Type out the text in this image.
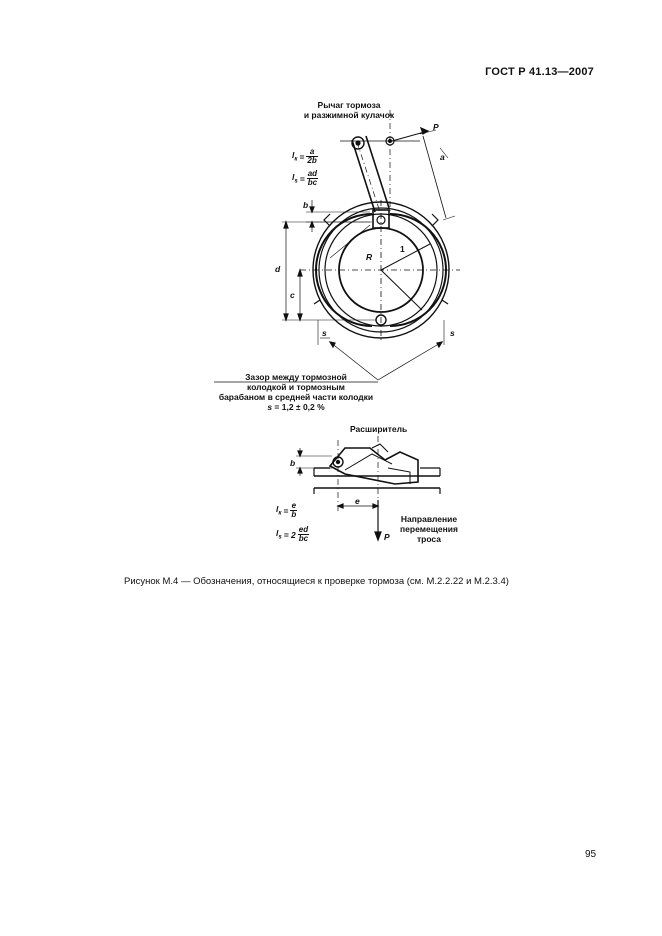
ГОСТ Р 41.13—2007
Рычаг тормоза
и разжимной кулачок
$l_к = \frac{a}{2b}$
$l_s = \frac{ad}{bc}$
b
d
c
a
P
1
R
s	s
Зазор между тормозной
колодкой и тормозным
барабаном в средней части колодки
s = 1,2 ± 0,2 %
Расширитель
b
e
P
$l_к = \frac{e}{b}$
$l_s = 2 \frac{ed}{bc}$
Направление
перемещения
троса
Рисунок М.4 — Обозначения, относящиеся к проверке тормоза (см. М.2.2.22 и М.2.3.4)
95
